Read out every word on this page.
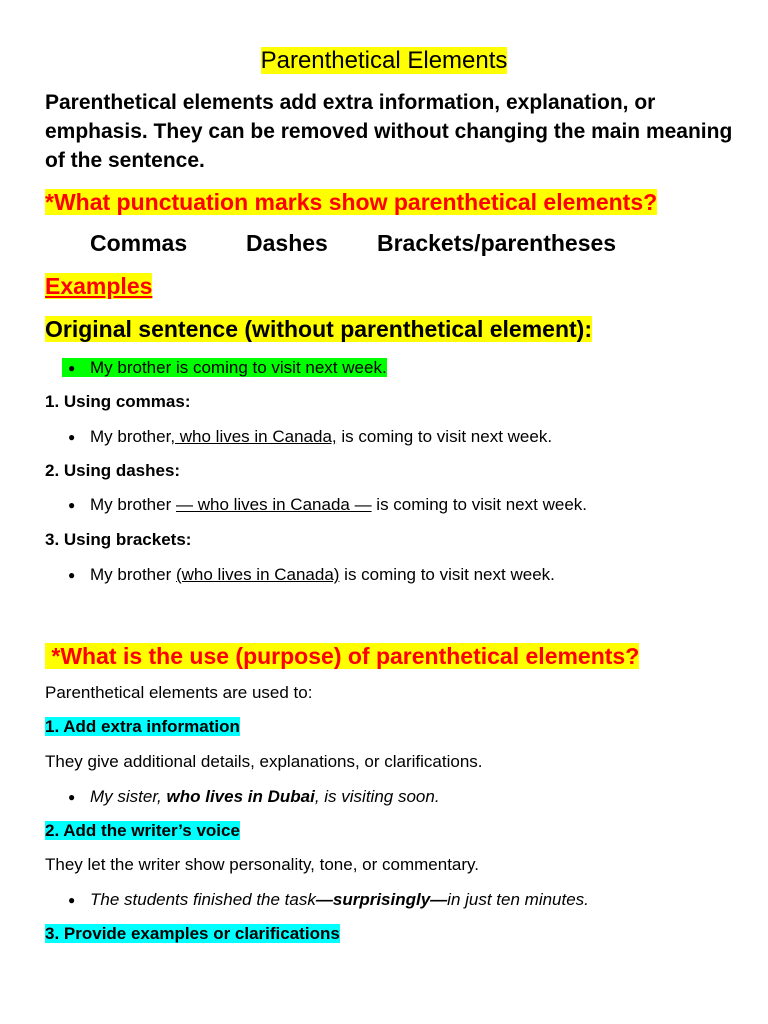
Parenthetical Elements
Parenthetical elements add extra information, explanation, or emphasis. They can be removed without changing the main meaning of the sentence.
*What punctuation marks show parenthetical elements?
Commas	Dashes Brackets/parentheses
Examples
Original sentence (without parenthetical element):
● My brother is coming to visit next week.
1. Using commas:
● My brother, who lives in Canada, is coming to visit next week.
2. Using dashes:
● My brother — who lives in Canada — is coming to visit next week.
3. Using brackets:
● My brother (who lives in Canada) is coming to visit next week.
*What is the use (purpose) of parenthetical elements?
Parenthetical elements are used to:
1. Add extra information
They give additional details, explanations, or clarifications.
● My sister, who lives in Dubai, is visiting soon.
2. Add the writer’s voice
They let the writer show personality, tone, or commentary.
● The students finished the task—surprisingly—in just ten minutes.
3. Provide examples or clarifications
